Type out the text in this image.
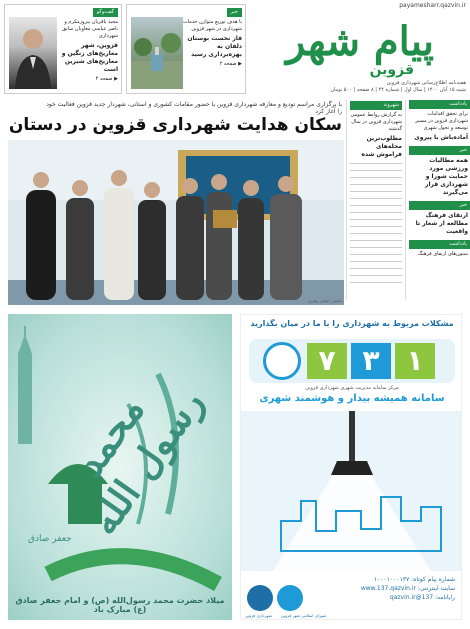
payamesharr.qazvin.ir
پیام شهر
قزوین
هفته‌نامه اطلاع‌رسانی شهرداری قزوین
شنبه ۱۵ آبان ۱۴۰۰ | سال اول | شماره ۴۴ | ۸ صفحه | ۵۰۰ تومان
گفت‌وگو
مجید باقریان پیروزمکرم و ناصر عباسی معاونان سابق شهرداری
قزوین، شهر معاریخ‌های زنگین و معاریخ‌های شیرین است
▶ صفحه ۴
خبر
با هدف توزیع متوازن خدمات شهرداری در شهر قزوین
فاز نخست بوستان دلفان به بهره‌برداری رسید
▶ صفحه ۲
یادداشت
برای تحقق اقدامات شهرداری قزوین در مسیر توسعه و تحول شهری
آماده‌باش با پیروی
خبر
همه مطالبات ورزشی‌ مورد حمایت شورا و شهرداری قرار می‌گیرند
خبر
ارتقای فرهنگ مطالعه از شعار تا واقعیت
یادداشت
ستون‌های ارتقای فرهنگ
شهروند
به گزارش روابط عمومی شهرداری قزوین در سال گذشته
مطلوب‌ترین محله‌های فراموش شده
با برگزاری مراسم تودیع و معارفه شهرداری قزوین با حضور مقامات کشوری و استانی، شهردار جدید قزوین فعالیت خود را آغاز کرد
سکان هدایت شهرداری قزوین در دستان
عکس: عباس رهبری
محمد رسول الله
جعفر صادق
میلاد حضرت محمد رسول‌الله (ص) و امام جعفر صادق (ع) مبارک باد
مشکلات مربوط به شهرداری را با ما در میان بگذارید
۷ ۳ ۱
مرکز سامانه مدیریت شهری شهرداری قزوین
سامانه همیشه بیدار و هوشمند شهری
شماره پیام کوتاه: ۱۰۰۰۱۰۰۰۱۳۷
سایت اینترنتی: www.137.qazvin.ir
رایانامه: 137@qazvin.ir
شهرداری قزوین شورای اسلامی شهر قزوین
